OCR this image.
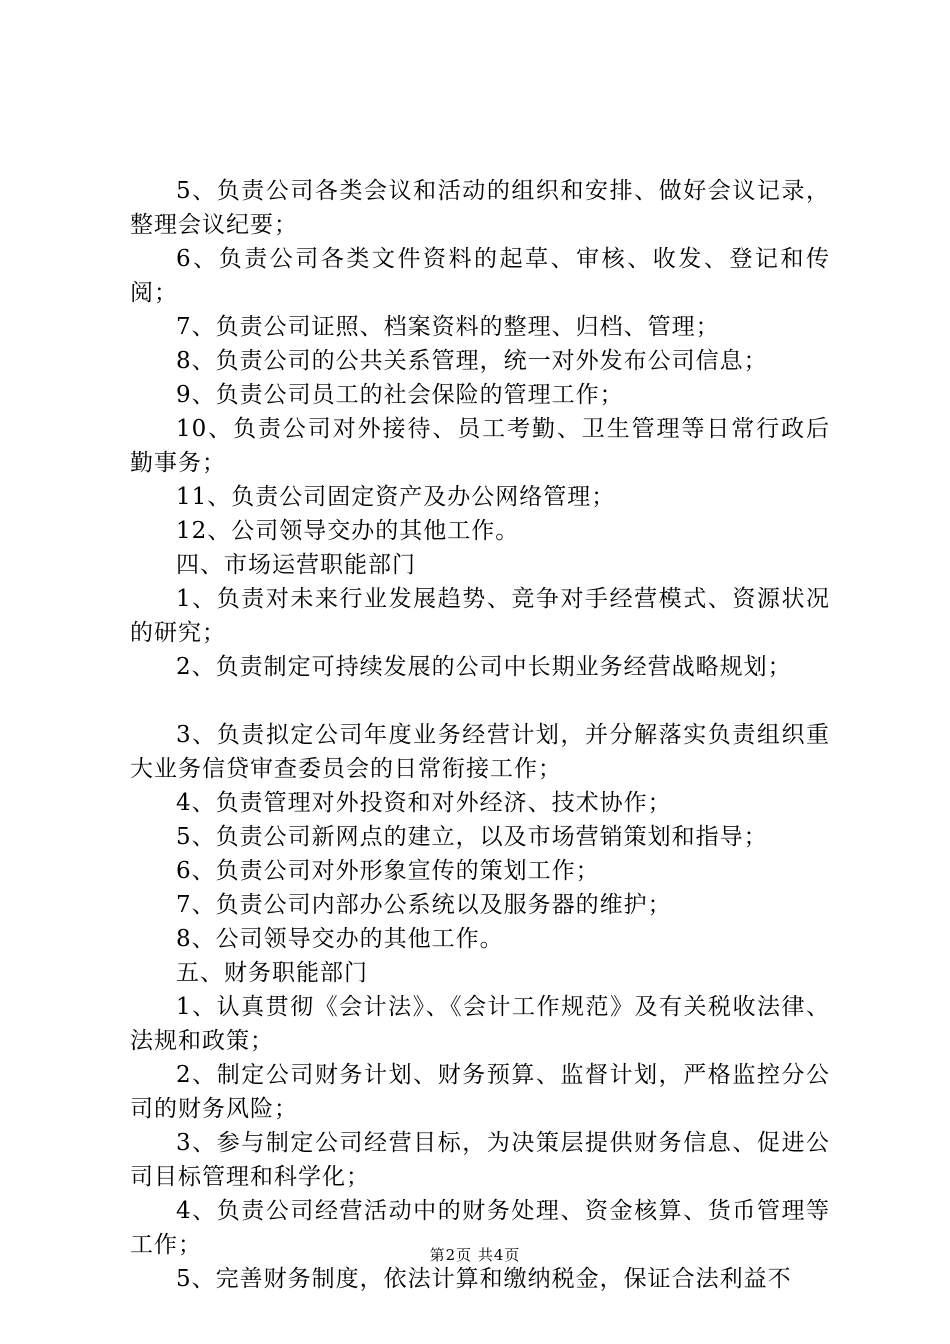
5、负责公司各类会议和活动的组织和安排、做好会议记录，整理会议纪要；

6、负责公司各类文件资料的起草、审核、收发、登记和传阅；

7、负责公司证照、档案资料的整理、归档、管理；

8、负责公司的公共关系管理，统一对外发布公司信息；

9、负责公司员工的社会保险的管理工作；

10、负责公司对外接待、员工考勤、卫生管理等日常行政后勤事务；

11、负责公司固定资产及办公网络管理；

12、公司领导交办的其他工作。

四、市场运营职能部门

1、负责对未来行业发展趋势、竞争对手经营模式、资源状况的研究；

2、负责制定可持续发展的公司中长期业务经营战略规划；

3、负责拟定公司年度业务经营计划，并分解落实负责组织重大业务信贷审查委员会的日常衔接工作；

4、负责管理对外投资和对外经济、技术协作；

5、负责公司新网点的建立，以及市场营销策划和指导；

6、负责公司对外形象宣传的策划工作；

7、负责公司内部办公系统以及服务器的维护；

8、公司领导交办的其他工作。

五、财务职能部门

1、认真贯彻《会计法》、《会计工作规范》及有关税收法律、法规和政策；

2、制定公司财务计划、财务预算、监督计划，严格监控分公司的财务风险；

3、参与制定公司经营目标，为决策层提供财务信息、促进公司目标管理和科学化；

4、负责公司经营活动中的财务处理、资金核算、货币管理等工作；

5、完善财务制度，依法计算和缴纳税金，保证合法利益不

第2页 共4页
